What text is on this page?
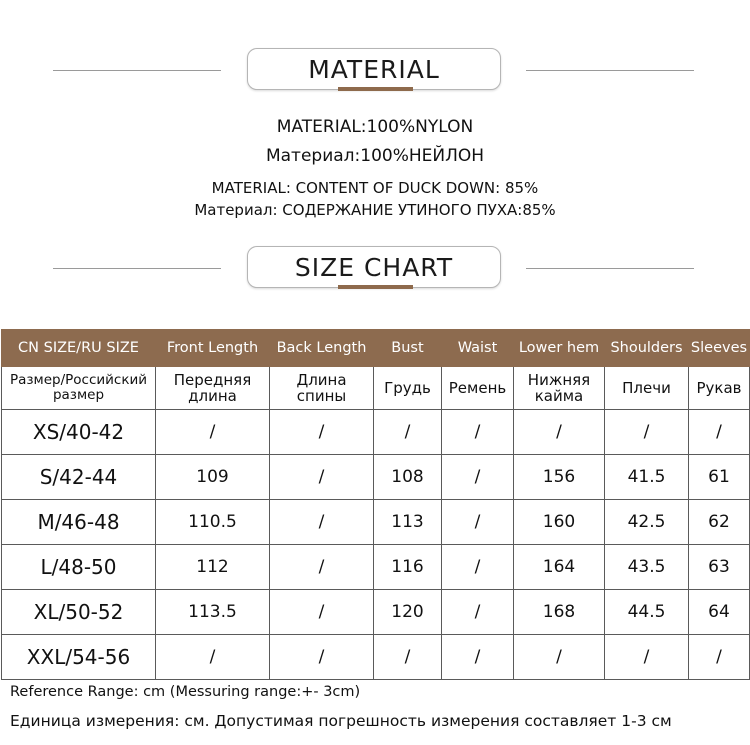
MATERIAL
MATERIAL:100%NYLON
Материал:100%НЕЙЛОН
MATERIAL: CONTENT OF DUCK DOWN: 85%
Материал: СОДЕРЖАНИЕ УТИНОГО ПУХА:85%
SIZE CHART
CN SIZE/RU SIZE	Front Length	Back Length	Bust	Waist	Lower hem	Shoulders	Sleeves
Размер/Российский размер	Передняя длина	Длина спины	Грудь	Ремень	Нижняя кайма	Плечи	Рукав
XS/40-42	/	/	/	/	/	/	/
S/42-44	109	/	108	/	156	41.5	61
M/46-48	110.5	/	113	/	160	42.5	62
L/48-50	112	/	116	/	164	43.5	63
XL/50-52	113.5	/	120	/	168	44.5	64
XXL/54-56	/	/	/	/	/	/	/
Reference Range: cm (Messuring range:+- 3cm)
Единица измерения: см. Допустимая погрешность измерения составляет 1-3 см
